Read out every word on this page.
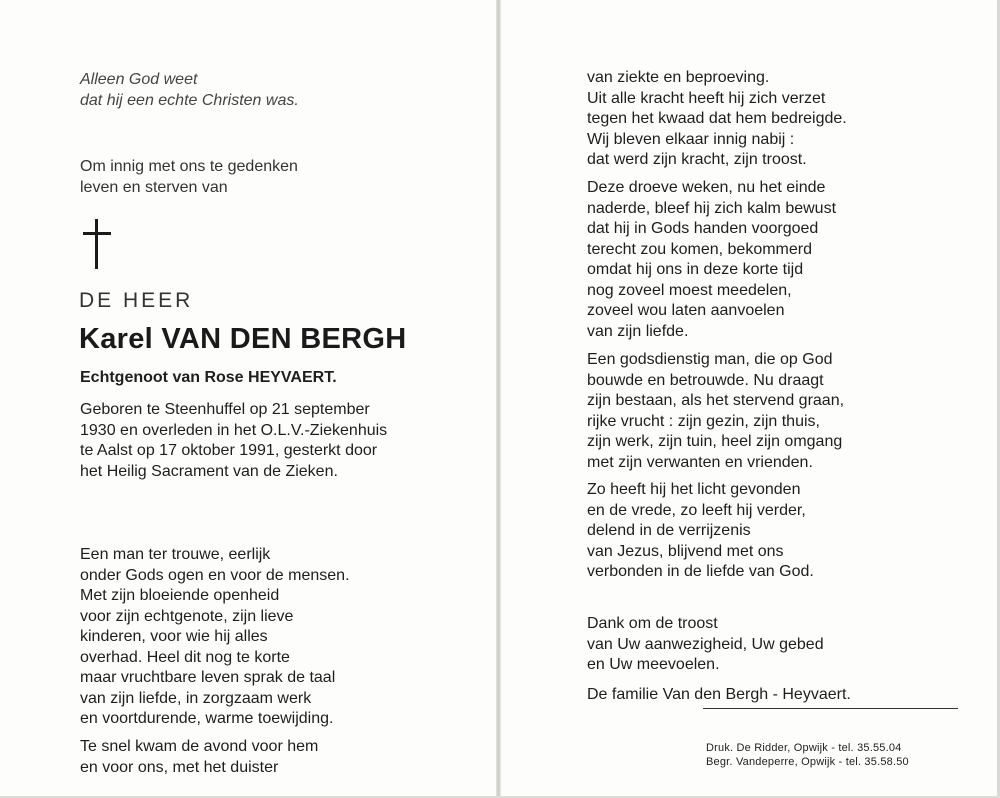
Alleen God weet
dat hij een echte Christen was.
Om innig met ons te gedenken
leven en sterven van
DE HEER
Karel VAN DEN BERGH
Echtgenoot van Rose HEYVAERT.
Geboren te Steenhuffel op 21 september
1930 en overleden in het O.L.V.-Ziekenhuis
te Aalst op 17 oktober 1991, gesterkt door
het Heilig Sacrament van de Zieken.
Een man ter trouwe, eerlijk
onder Gods ogen en voor de mensen.
Met zijn bloeiende openheid
voor zijn echtgenote, zijn lieve
kinderen, voor wie hij alles
overhad. Heel dit nog te korte
maar vruchtbare leven sprak de taal
van zijn liefde, in zorgzaam werk
en voortdurende, warme toewijding.
Te snel kwam de avond voor hem
en voor ons, met het duister
van ziekte en beproeving.
Uit alle kracht heeft hij zich verzet
tegen het kwaad dat hem bedreigde.
Wij bleven elkaar innig nabij :
dat werd zijn kracht, zijn troost.
Deze droeve weken, nu het einde
naderde, bleef hij zich kalm bewust
dat hij in Gods handen voorgoed
terecht zou komen, bekommerd
omdat hij ons in deze korte tijd
nog zoveel moest meedelen,
zoveel wou laten aanvoelen
van zijn liefde.
Een godsdienstig man, die op God
bouwde en betrouwde. Nu draagt
zijn bestaan, als het stervend graan,
rijke vrucht : zijn gezin, zijn thuis,
zijn werk, zijn tuin, heel zijn omgang
met zijn verwanten en vrienden.
Zo heeft hij het licht gevonden
en de vrede, zo leeft hij verder,
delend in de verrijzenis
van Jezus, blijvend met ons
verbonden in de liefde van God.
Dank om de troost
van Uw aanwezigheid, Uw gebed
en Uw meevoelen.
De familie Van den Bergh - Heyvaert.
Druk. De Ridder, Opwijk - tel. 35.55.04
Begr. Vandeperre, Opwijk - tel. 35.58.50
